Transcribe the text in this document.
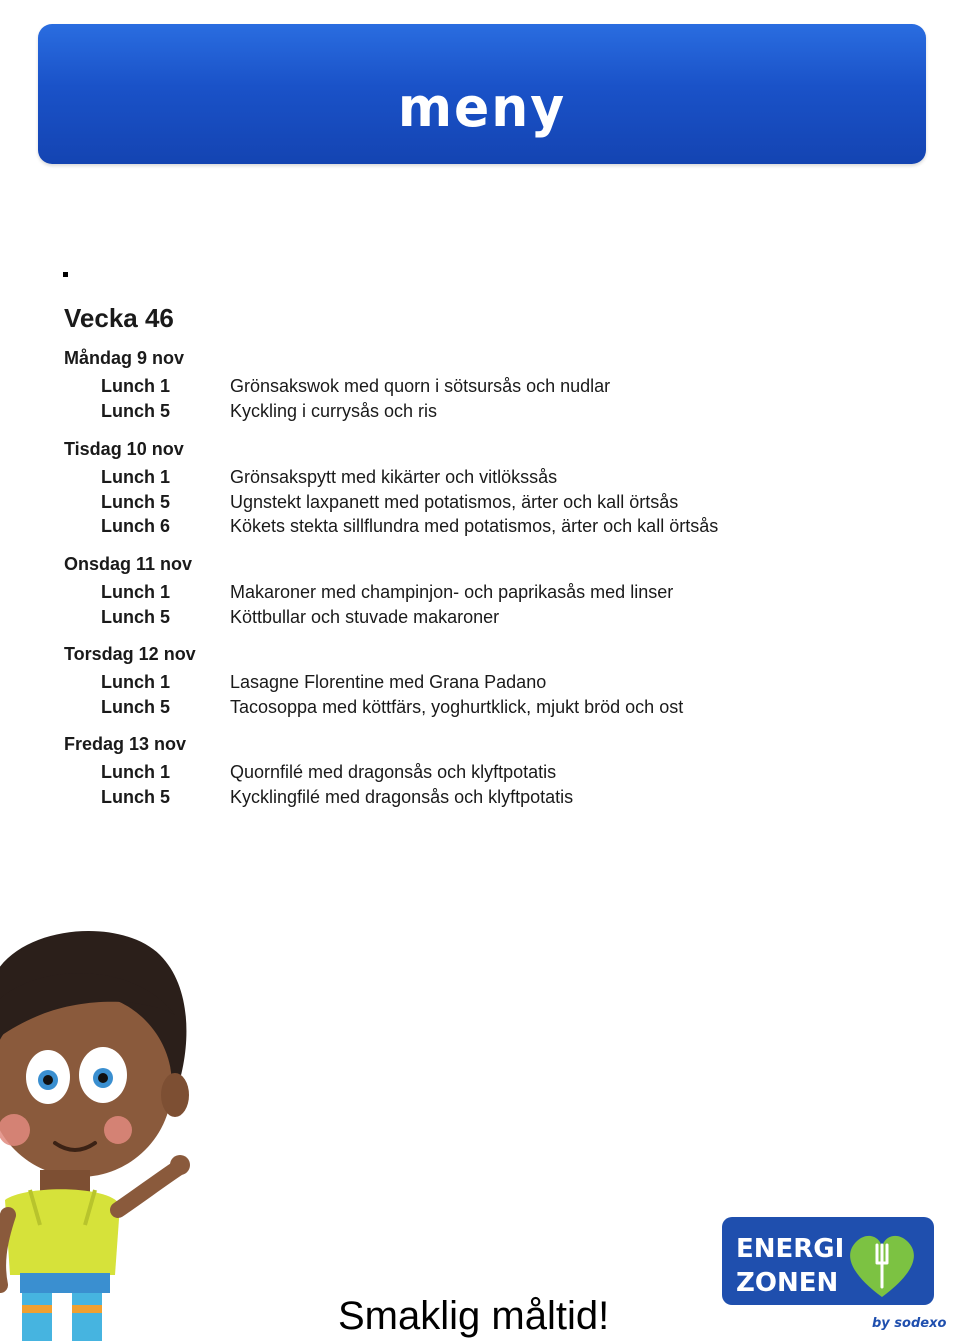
meny
Vecka 46
Måndag 9 nov
Lunch 1	Grönsakswok med quorn i sötsursås och nudlar
Lunch 5	Kyckling i currysås och ris
Tisdag 10 nov
Lunch 1	Grönsakspytt med kikärter och vitlökssås
Lunch 5	Ugnstekt laxpanett med potatismos, ärter och kall örtsås
Lunch 6	Kökets stekta sillflundra med potatismos, ärter och kall örtsås
Onsdag 11 nov
Lunch 1	Makaroner med champinjon- och paprikasås med linser
Lunch 5	Köttbullar och stuvade makaroner
Torsdag 12 nov
Lunch 1	Lasagne Florentine med Grana Padano
Lunch 5	Tacosoppa med köttfärs, yoghurtklick, mjukt bröd och ost
Fredag 13 nov
Lunch 1	Quornfilé med dragonsås och klyftpotatis
Lunch 5	Kycklingfilé med dragonsås och klyftpotatis
ENERGI
ZONEN
by sodexo
Smaklig måltid!
